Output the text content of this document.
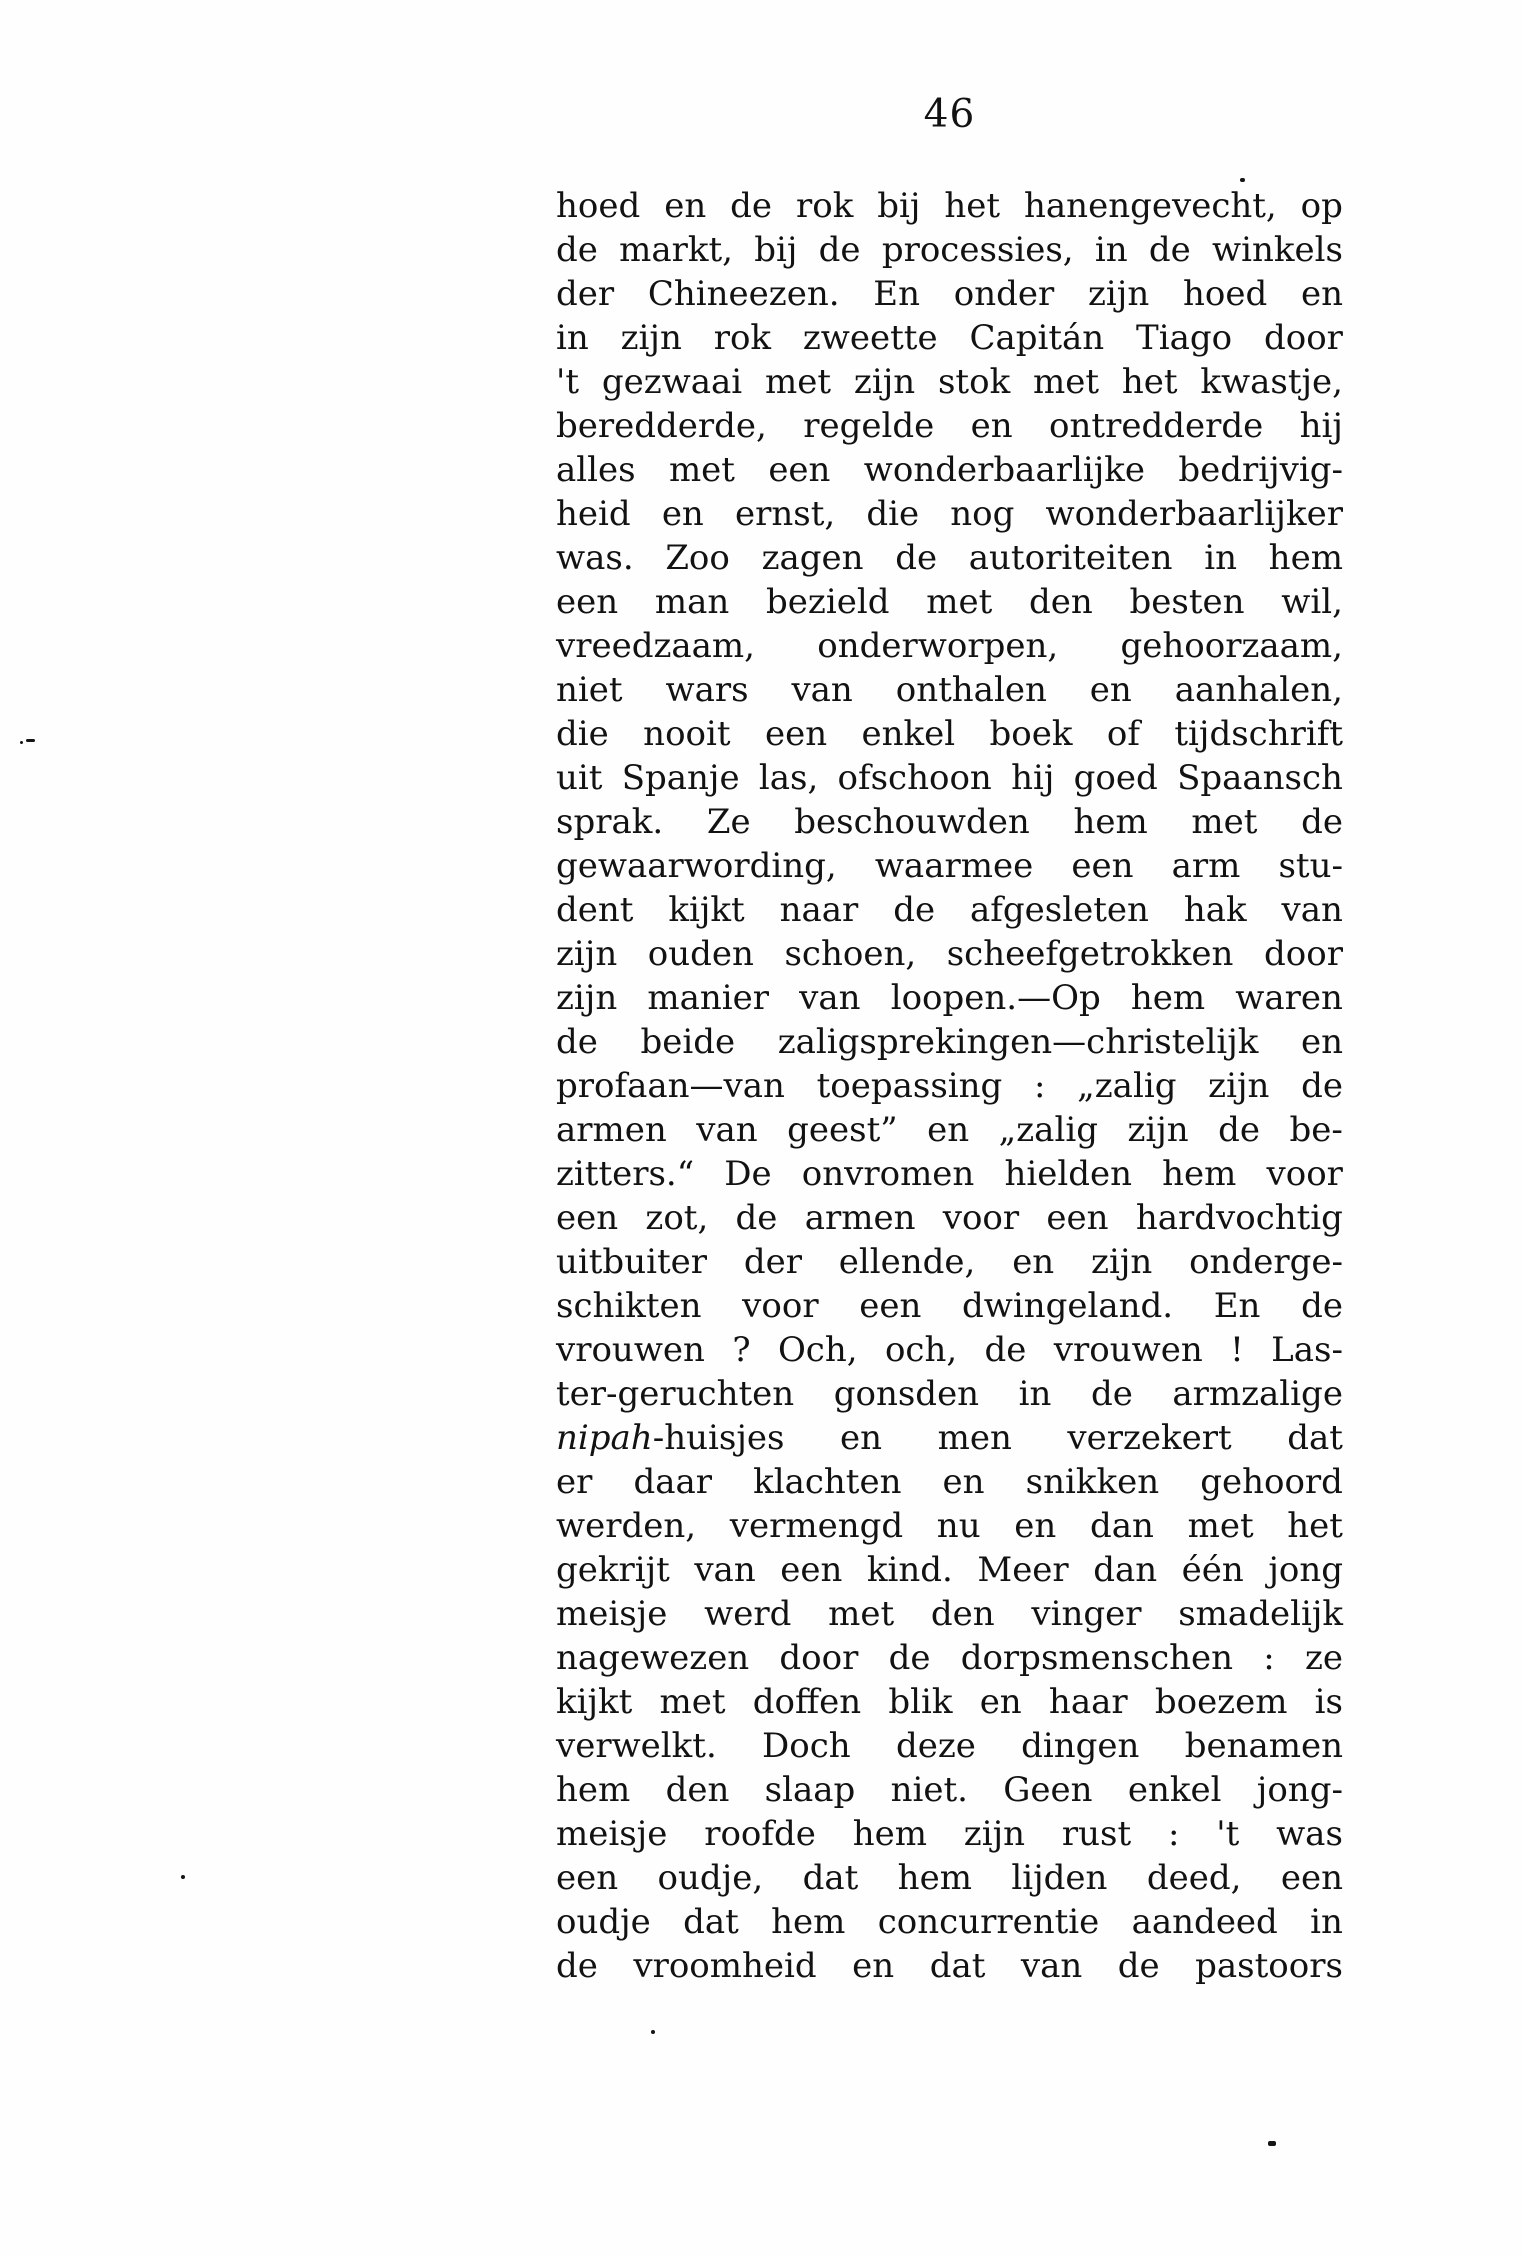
46
hoed en de rok bij het hanengevecht, op
de markt, bij de processies, in de winkels
der Chineezen. En onder zijn hoed en
in zijn rok zweette Capitán Tiago door
't gezwaai met zijn stok met het kwastje,
beredderde, regelde en ontredderde hij
alles met een wonderbaarlijke bedrijvig-
heid en ernst, die nog wonderbaarlijker
was. Zoo zagen de autoriteiten in hem
een man bezield met den besten wil,
vreedzaam, onderworpen, gehoorzaam,
niet wars van onthalen en aanhalen,
die nooit een enkel boek of tijdschrift
uit Spanje las, ofschoon hij goed Spaansch
sprak. Ze beschouwden hem met de
gewaarwording, waarmee een arm stu-
dent kijkt naar de afgesleten hak van
zijn ouden schoen, scheefgetrokken door
zijn manier van loopen.—Op hem waren
de beide zaligsprekingen—christelijk en
profaan—van toepassing : „zalig zijn de
armen van geest” en „zalig zijn de be-
zitters.“ De onvromen hielden hem voor
een zot, de armen voor een hardvochtig
uitbuiter der ellende, en zijn onderge-
schikten voor een dwingeland. En de
vrouwen ? Och, och, de vrouwen ! Las-
ter-geruchten gonsden in de armzalige
nipah-huisjes en men verzekert dat
er daar klachten en snikken gehoord
werden, vermengd nu en dan met het
gekrijt van een kind. Meer dan één jong
meisje werd met den vinger smadelijk
nagewezen door de dorpsmenschen : ze
kijkt met doffen blik en haar boezem is
verwelkt. Doch deze dingen benamen
hem den slaap niet. Geen enkel jong-
meisje roofde hem zijn rust : 't was
een oudje, dat hem lijden deed, een
oudje dat hem concurrentie aandeed in
de vroomheid en dat van de pastoors
